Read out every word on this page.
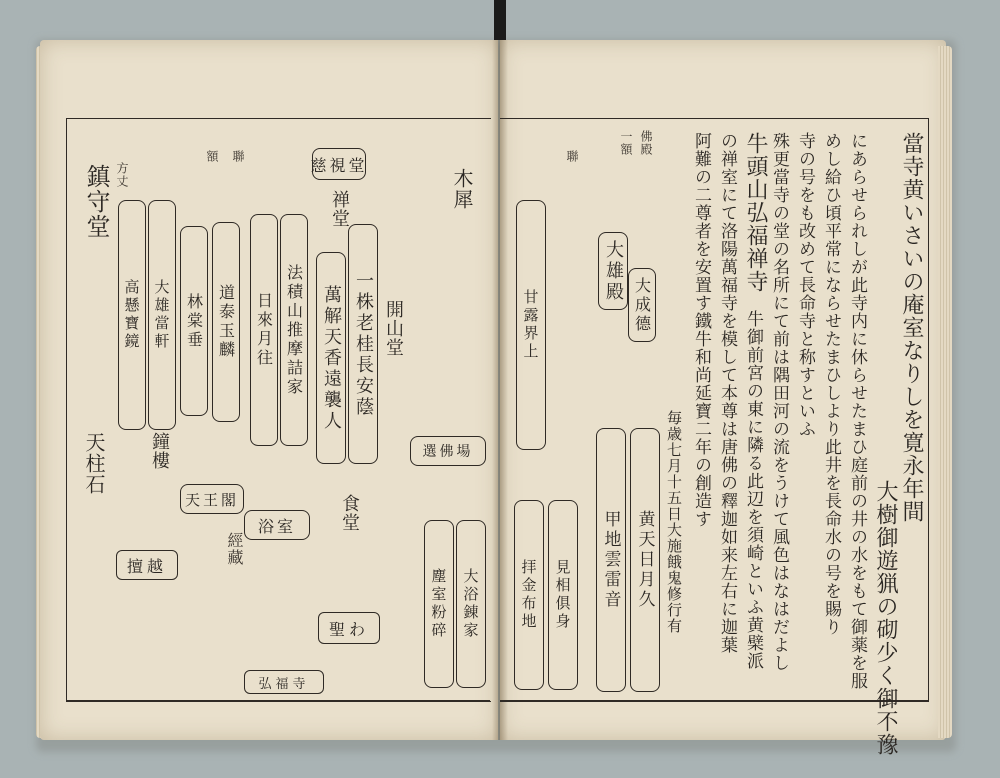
當寺黄いさいの庵室なりしを寛永年間
大樹御遊猟の砌少く御不豫
にあらせられしが此寺内に休らせたまひ庭前の井の水をもて御薬を服
めし給ひ頃平常にならせたまひしより此井を長命水の号を賜り
寺の号をも改めて長命寺と称すといふ
殊更當寺の堂の名所にて前は隅田河の流をうけて風色はなはだよし
牛頭山弘福禅寺
牛御前宮の東に隣る此辺を須崎といふ黄檗派
の禅室にて洛陽萬福寺を模して本尊は唐佛の釋迦如来左右に迦葉
阿難の二尊者を安置す鐵牛和尚延寶二年の創造す
毎歳七月十五日大施餓鬼修行有
大雄殿
大成德
甘露界上
甲地雲雷音 黄天日月久
見相俱身
拝金布地
佛殿
一額
聯
鎮守堂
天柱石
木犀
禅堂
開山堂
慈視堂
一株老桂長安蔭
萬解天香遠襲人
日來月往 法積山推摩詰家
道泰玉麟
林棠垂
大雄當軒
高懸寶鏡
鐘樓
天王閣
浴室	食堂
大浴錬家
塵室粉碎
選佛場
擅越
弘福寺
聖わ
聯
方丈
額
經藏
